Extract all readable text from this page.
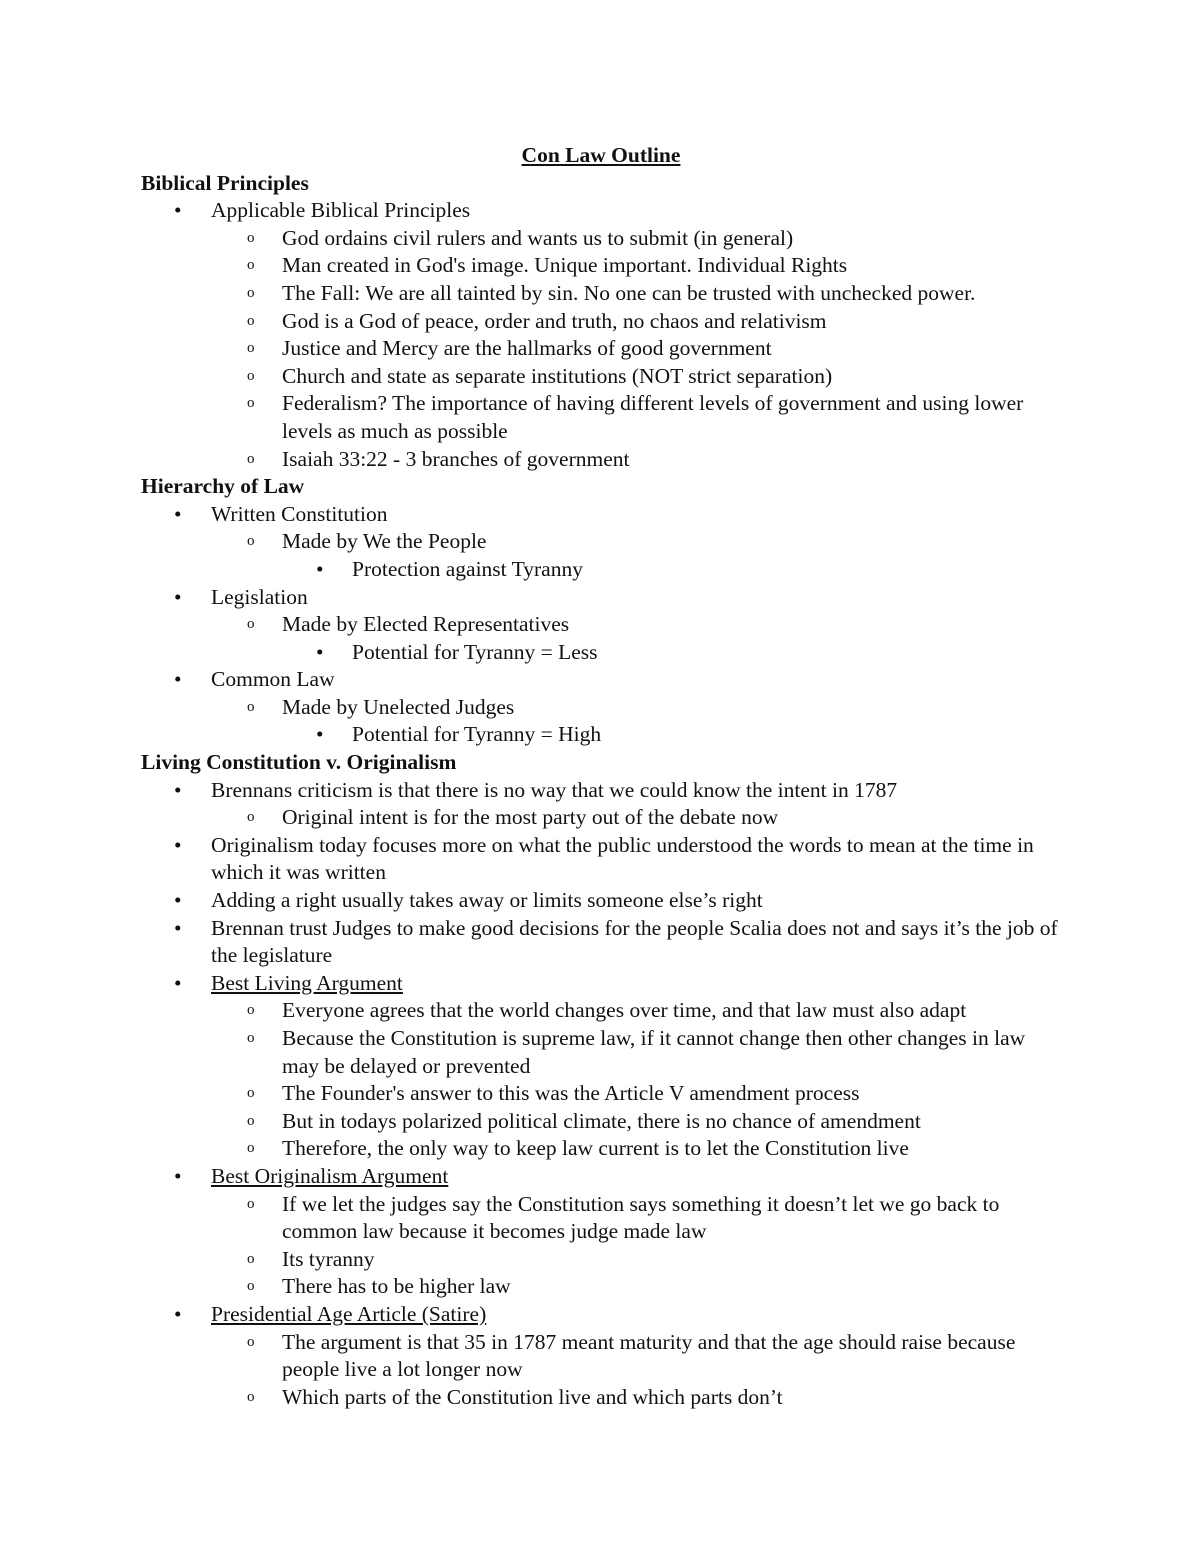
Con Law Outline
Biblical Principles
•	Applicable Biblical Principles
o	God ordains civil rulers and wants us to submit (in general)
o	Man created in God's image. Unique important. Individual Rights
o	The Fall: We are all tainted by sin. No one can be trusted with unchecked power.
o	God is a God of peace, order and truth, no chaos and relativism
o	Justice and Mercy are the hallmarks of good government
o	Church and state as separate institutions (NOT strict separation)
o	Federalism? The importance of having different levels of government and using lower levels as much as possible
o	Isaiah 33:22 - 3 branches of government
Hierarchy of Law
•	Written Constitution
o	Made by We the People
•	Protection against Tyranny
•	Legislation
o	Made by Elected Representatives
•	Potential for Tyranny = Less
•	Common Law
o	Made by Unelected Judges
•	Potential for Tyranny = High
Living Constitution v. Originalism
•	Brennans criticism is that there is no way that we could know the intent in 1787
o	Original intent is for the most party out of the debate now
•	Originalism today focuses more on what the public understood the words to mean at the time in which it was written
•	Adding a right usually takes away or limits someone else’s right
•	Brennan trust Judges to make good decisions for the people Scalia does not and says it’s the job of the legislature
•	Best Living Argument
o	Everyone agrees that the world changes over time, and that law must also adapt
o	Because the Constitution is supreme law, if it cannot change then other changes in law may be delayed or prevented
o	The Founder's answer to this was the Article V amendment process
o	But in todays polarized political climate, there is no chance of amendment
o	Therefore, the only way to keep law current is to let the Constitution live
•	Best Originalism Argument
o	If we let the judges say the Constitution says something it doesn’t let we go back to common law because it becomes judge made law
o	Its tyranny
o	There has to be higher law
•	Presidential Age Article (Satire)
o	The argument is that 35 in 1787 meant maturity and that the age should raise because people live a lot longer now
o	Which parts of the Constitution live and which parts don’t
